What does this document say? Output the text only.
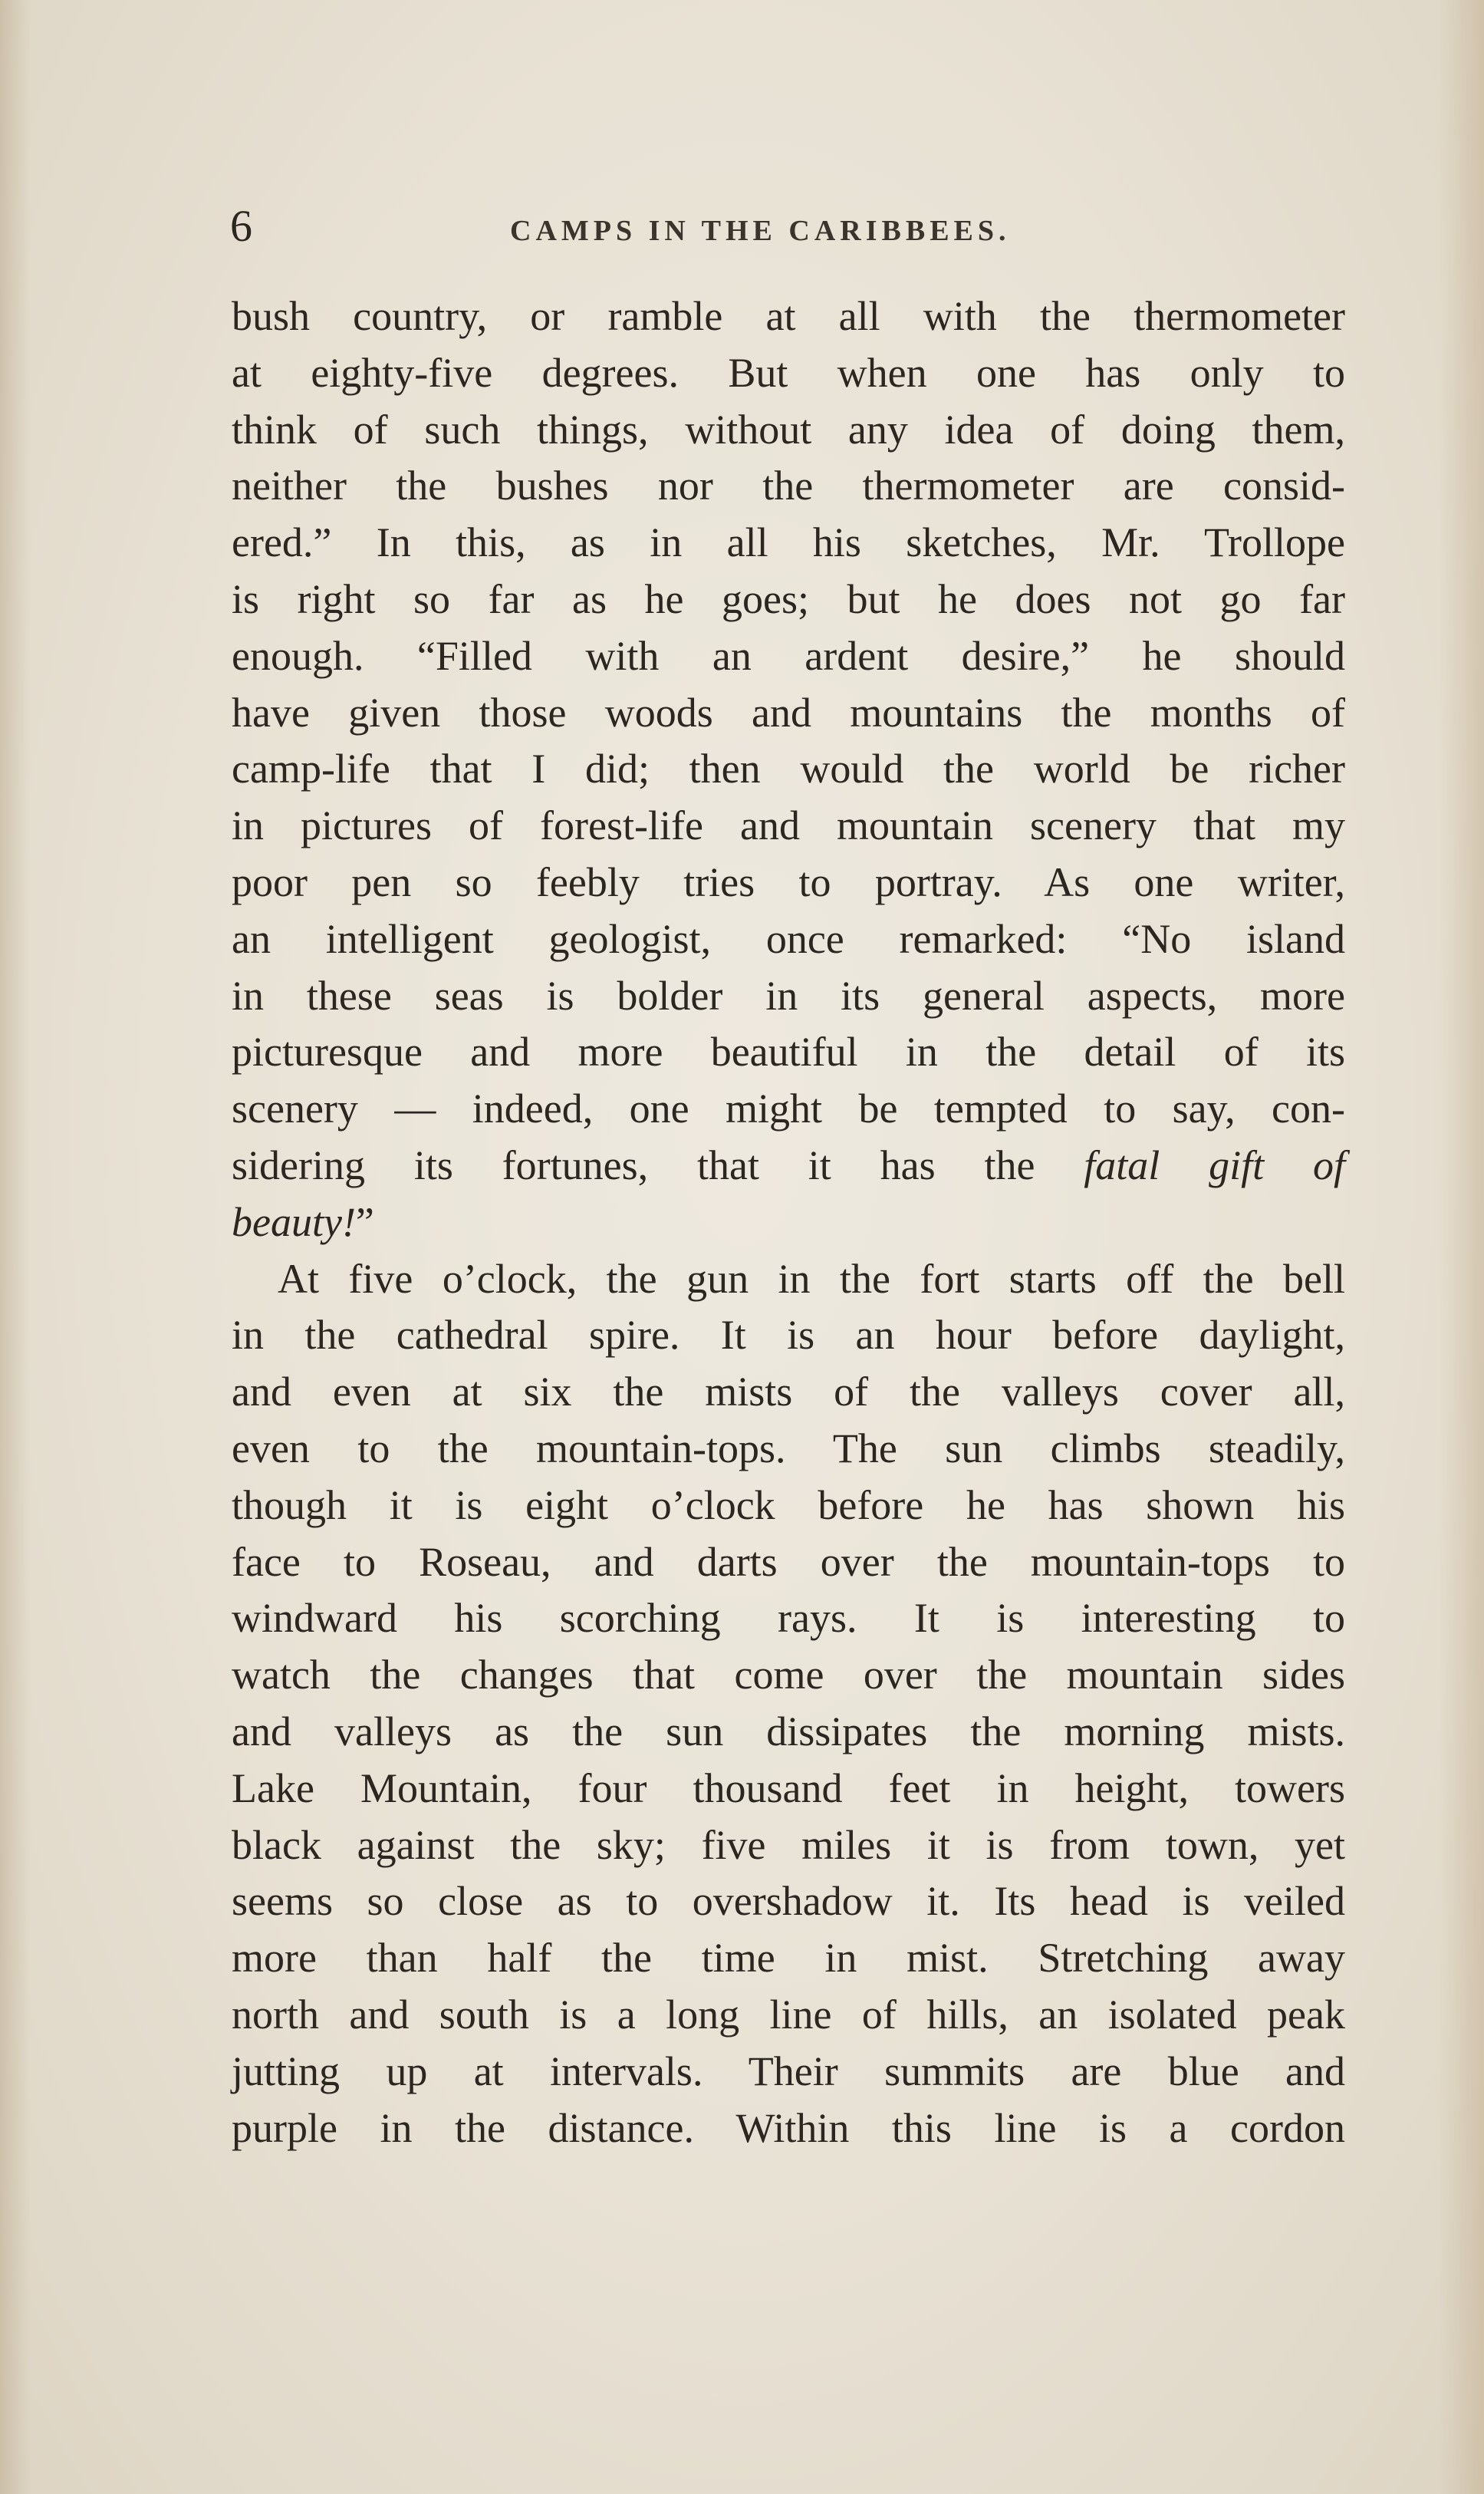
6	CAMPS IN THE CARIBBEES.
bush country, or ramble at all with the thermometer
at eighty-five degrees. But when one has only to
think of such things, without any idea of doing them,
neither the bushes nor the thermometer are consid-
ered.” In this, as in all his sketches, Mr. Trollope
is right so far as he goes; but he does not go far
enough. “Filled with an ardent desire,” he should
have given those woods and mountains the months of
camp-life that I did; then would the world be richer
in pictures of forest-life and mountain scenery that my
poor pen so feebly tries to portray. As one writer,
an intelligent geologist, once remarked: “No island
in these seas is bolder in its general aspects, more
picturesque and more beautiful in the detail of its
scenery — indeed, one might be tempted to say, con-
sidering its fortunes, that it has the fatal gift of
beauty!”
At five o’clock, the gun in the fort starts off the bell
in the cathedral spire. It is an hour before daylight,
and even at six the mists of the valleys cover all,
even to the mountain-tops. The sun climbs steadily,
though it is eight o’clock before he has shown his
face to Roseau, and darts over the mountain-tops to
windward his scorching rays. It is interesting to
watch the changes that come over the mountain sides
and valleys as the sun dissipates the morning mists.
Lake Mountain, four thousand feet in height, towers
black against the sky; five miles it is from town, yet
seems so close as to overshadow it. Its head is veiled
more than half the time in mist. Stretching away
north and south is a long line of hills, an isolated peak
jutting up at intervals. Their summits are blue and
purple in the distance. Within this line is a cordon
